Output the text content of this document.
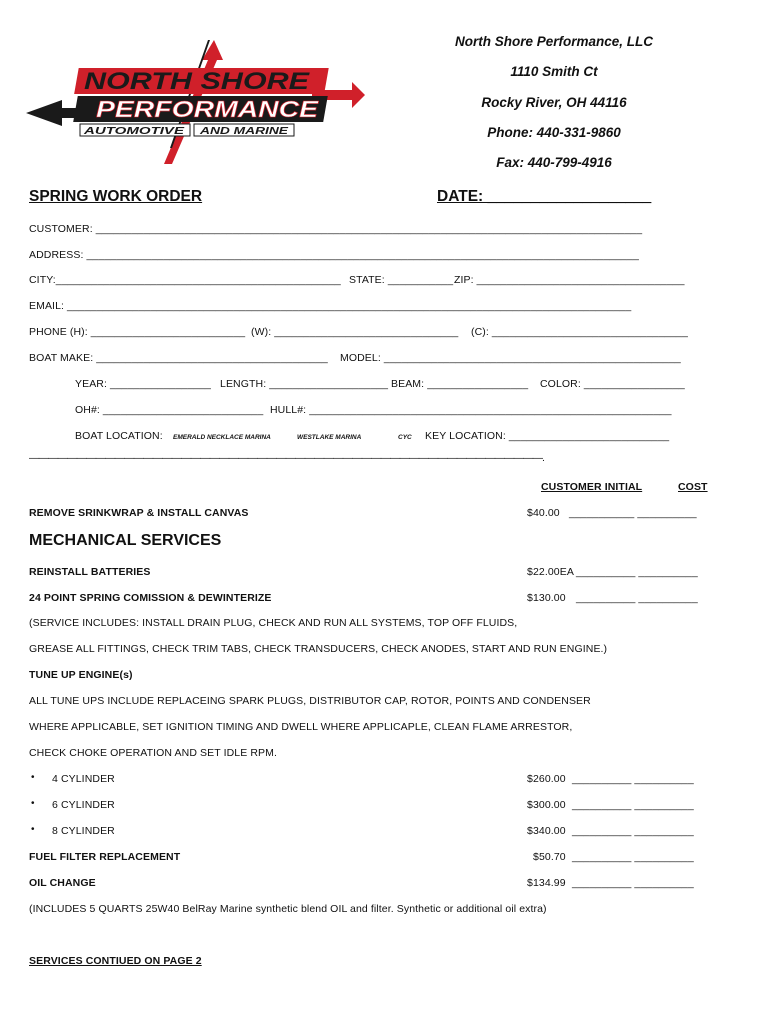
NORTH SHORE
PERFORMANCE
AUTOMOTIVE AND MARINE
North Shore Performance, LLC
1110 Smith Ct
Rocky River, OH 44116
Phone: 440-331-9860
Fax: 440-799-4916
SPRING WORK ORDER	DATE: ___________________
CUSTOMER: ____________________________________________________________________________________________
ADDRESS: _____________________________________________________________________________________________
CITY:________________________________________________ STATE: ___________ ZIP: ___________________________________
EMAIL: _______________________________________________________________________________________________
PHONE (H): __________________________ (W): _______________________________ (C): _________________________________
BOAT MAKE: _______________________________________ MODEL: __________________________________________________
YEAR: _________________ LENGTH: ____________________ BEAM: _________________ COLOR: _________________
OH#: ___________________________ HULL#: _____________________________________________________________
BOAT LOCATION: EMERALD NECKLACE MARINA	WESTLAKE MARINA	CYC KEY LOCATION: ___________________________
——————————————————————————————————————————————————————.
CUSTOMER INITIAL	COST
REMOVE SRINKWRAP & INSTALL CANVAS	$40.00 ___________ __________
MECHANICAL SERVICES
REINSTALL BATTERIES	$22.00EA __________ __________
24 POINT SPRING COMISSION & DEWINTERIZE	$130.00 __________ __________
(SERVICE INCLUDES: INSTALL DRAIN PLUG, CHECK AND RUN ALL SYSTEMS, TOP OFF FLUIDS,
GREASE ALL FITTINGS, CHECK TRIM TABS, CHECK TRANSDUCERS, CHECK ANODES, START AND RUN ENGINE.)
TUNE UP ENGINE(s)
ALL TUNE UPS INCLUDE REPLACEING SPARK PLUGS, DISTRIBUTOR CAP, ROTOR, POINTS AND CONDENSER
WHERE APPLICABLE, SET IGNITION TIMING AND DWELL WHERE APPLICAPLE, CLEAN FLAME ARRESTOR,
CHECK CHOKE OPERATION AND SET IDLE RPM.
• 4 CYLINDER	$260.00 __________ __________
• 6 CYLINDER	$300.00 __________ __________
• 8 CYLINDER	$340.00 __________ __________
FUEL FILTER REPLACEMENT	$50.70 __________ __________
OIL CHANGE	$134.99 __________ __________
(INCLUDES 5 QUARTS 25W40 BelRay Marine synthetic blend OIL and filter. Synthetic or additional oil extra)
SERVICES CONTIUED ON PAGE 2
